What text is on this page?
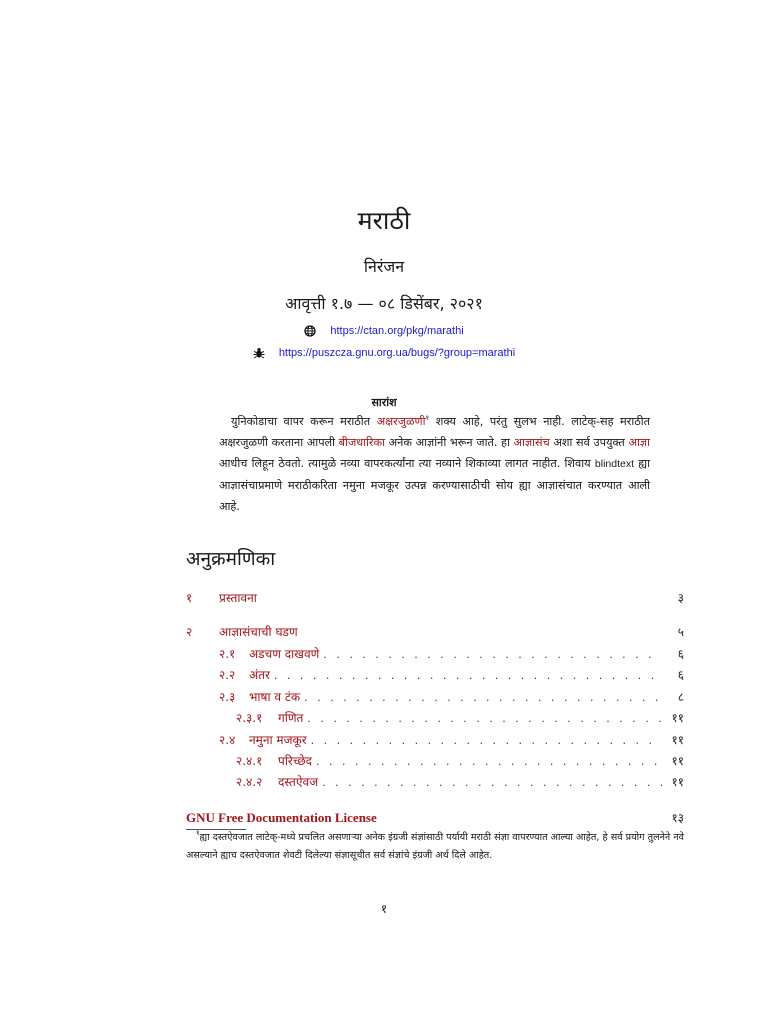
मराठी
निरंजन
आवृत्ती १.७ — ०८ डिसेंबर, २०२१
https://ctan.org/pkg/marathi
https://puszcza.gnu.org.ua/bugs/?group=marathi
सारांश

युनिकोडाचा वापर करून मराठीत अक्षरजुळणी$^१$ शक्य आहे, परंतु सुलभ नाही. लाटेक्-सह मराठीत अक्षरजुळणी करताना आपली बीजधारिका अनेक आज्ञांनी भरून जाते. हा आज्ञासंच अशा सर्व उपयुक्त आज्ञा आधीच लिहून ठेवतो. त्यामुळे नव्या वापरकर्त्यांना त्या नव्याने शिकाव्या लागत नाहीत. शिवाय blindtext ह्या आज्ञासंचाप्रमाणे मराठीकरिता नमुना मजकूर उत्पन्न करण्यासाठीची सोय ह्या आज्ञासंचात करण्यात आली आहे.

अनुक्रमणिका
१	प्रस्तावना	३
२	आज्ञासंचाची घडण	५
२.१	अडचण दाखवणे . . .	६
२.२	अंतर . . .	६
२.३	भाषा व टंक . . .	८
२.३.१	गणित . . .	११
२.४	नमुना मजकूर . . .	११
२.४.१	परिच्छेद . . .	११
२.४.२	दस्तऐवज . . .	११
GNU Free Documentation License	१३

$^१$ह्या दस्तऐवजात लाटेक्-मध्ये प्रचलित असणाऱ्या अनेक इंग्रजी संज्ञांसाठी पर्यायी मराठी संज्ञा वापरण्यात आल्या आहेत, हे सर्व प्रयोग तुलनेने नवे असल्याने ह्याच दस्तऐवजात शेवटी दिलेल्या संज्ञासूचीत सर्व संज्ञांचे इंग्रजी अर्थ दिले आहेत.

१
